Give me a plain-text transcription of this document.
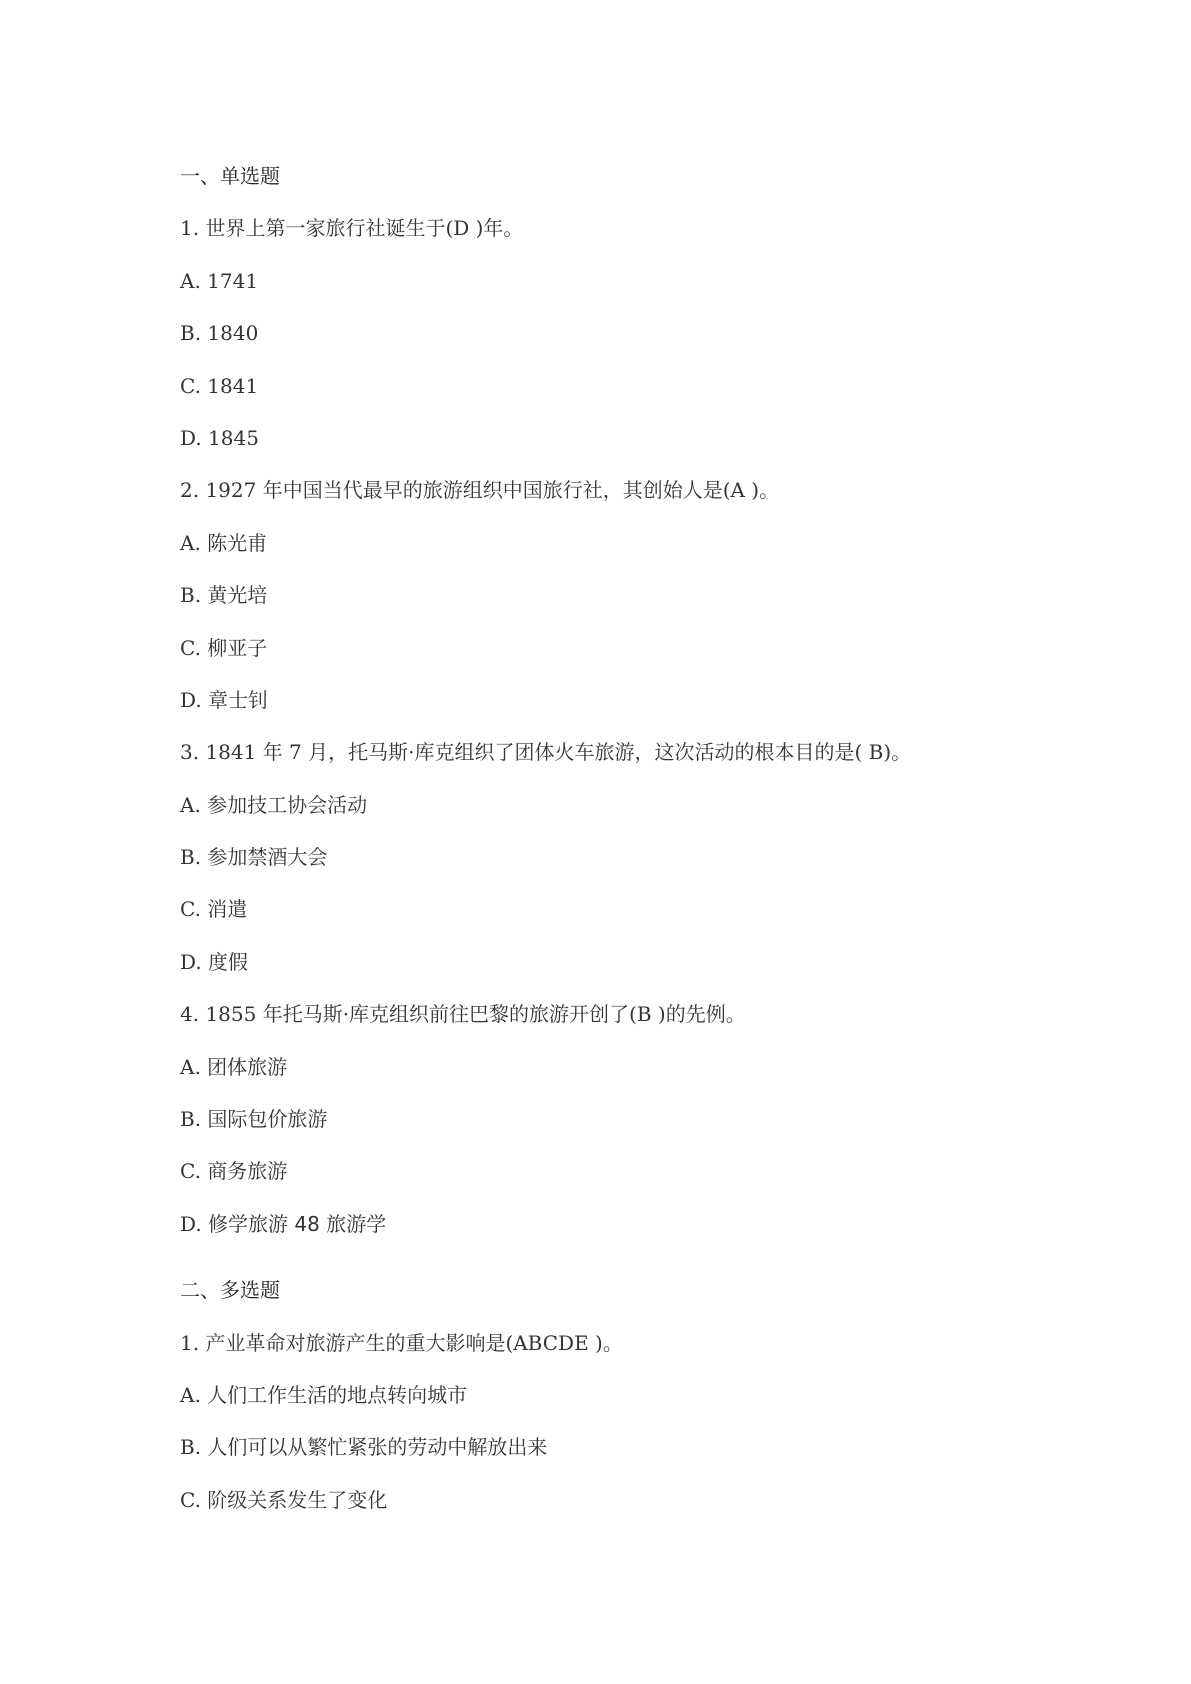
一、单选题
1. 世界上第一家旅行社诞生于(D )年。
A. 1741
B. 1840
C. 1841
D. 1845
2. 1927 年中国当代最早的旅游组织中国旅行社，其创始人是(A )。
A. 陈光甫
B. 黄光培
C. 柳亚子
D. 章士钊
3. 1841 年 7 月，托马斯·库克组织了团体火车旅游，这次活动的根本目的是( B)。
A. 参加技工协会活动
B. 参加禁酒大会
C. 消遣
D. 度假
4. 1855 年托马斯·库克组织前往巴黎的旅游开创了(B )的先例。
A. 团体旅游
B. 国际包价旅游
C. 商务旅游
D. 修学旅游 48 旅游学
二、多选题
1. 产业革命对旅游产生的重大影响是(ABCDE )。
A. 人们工作生活的地点转向城市
B. 人们可以从繁忙紧张的劳动中解放出来
C. 阶级关系发生了变化
